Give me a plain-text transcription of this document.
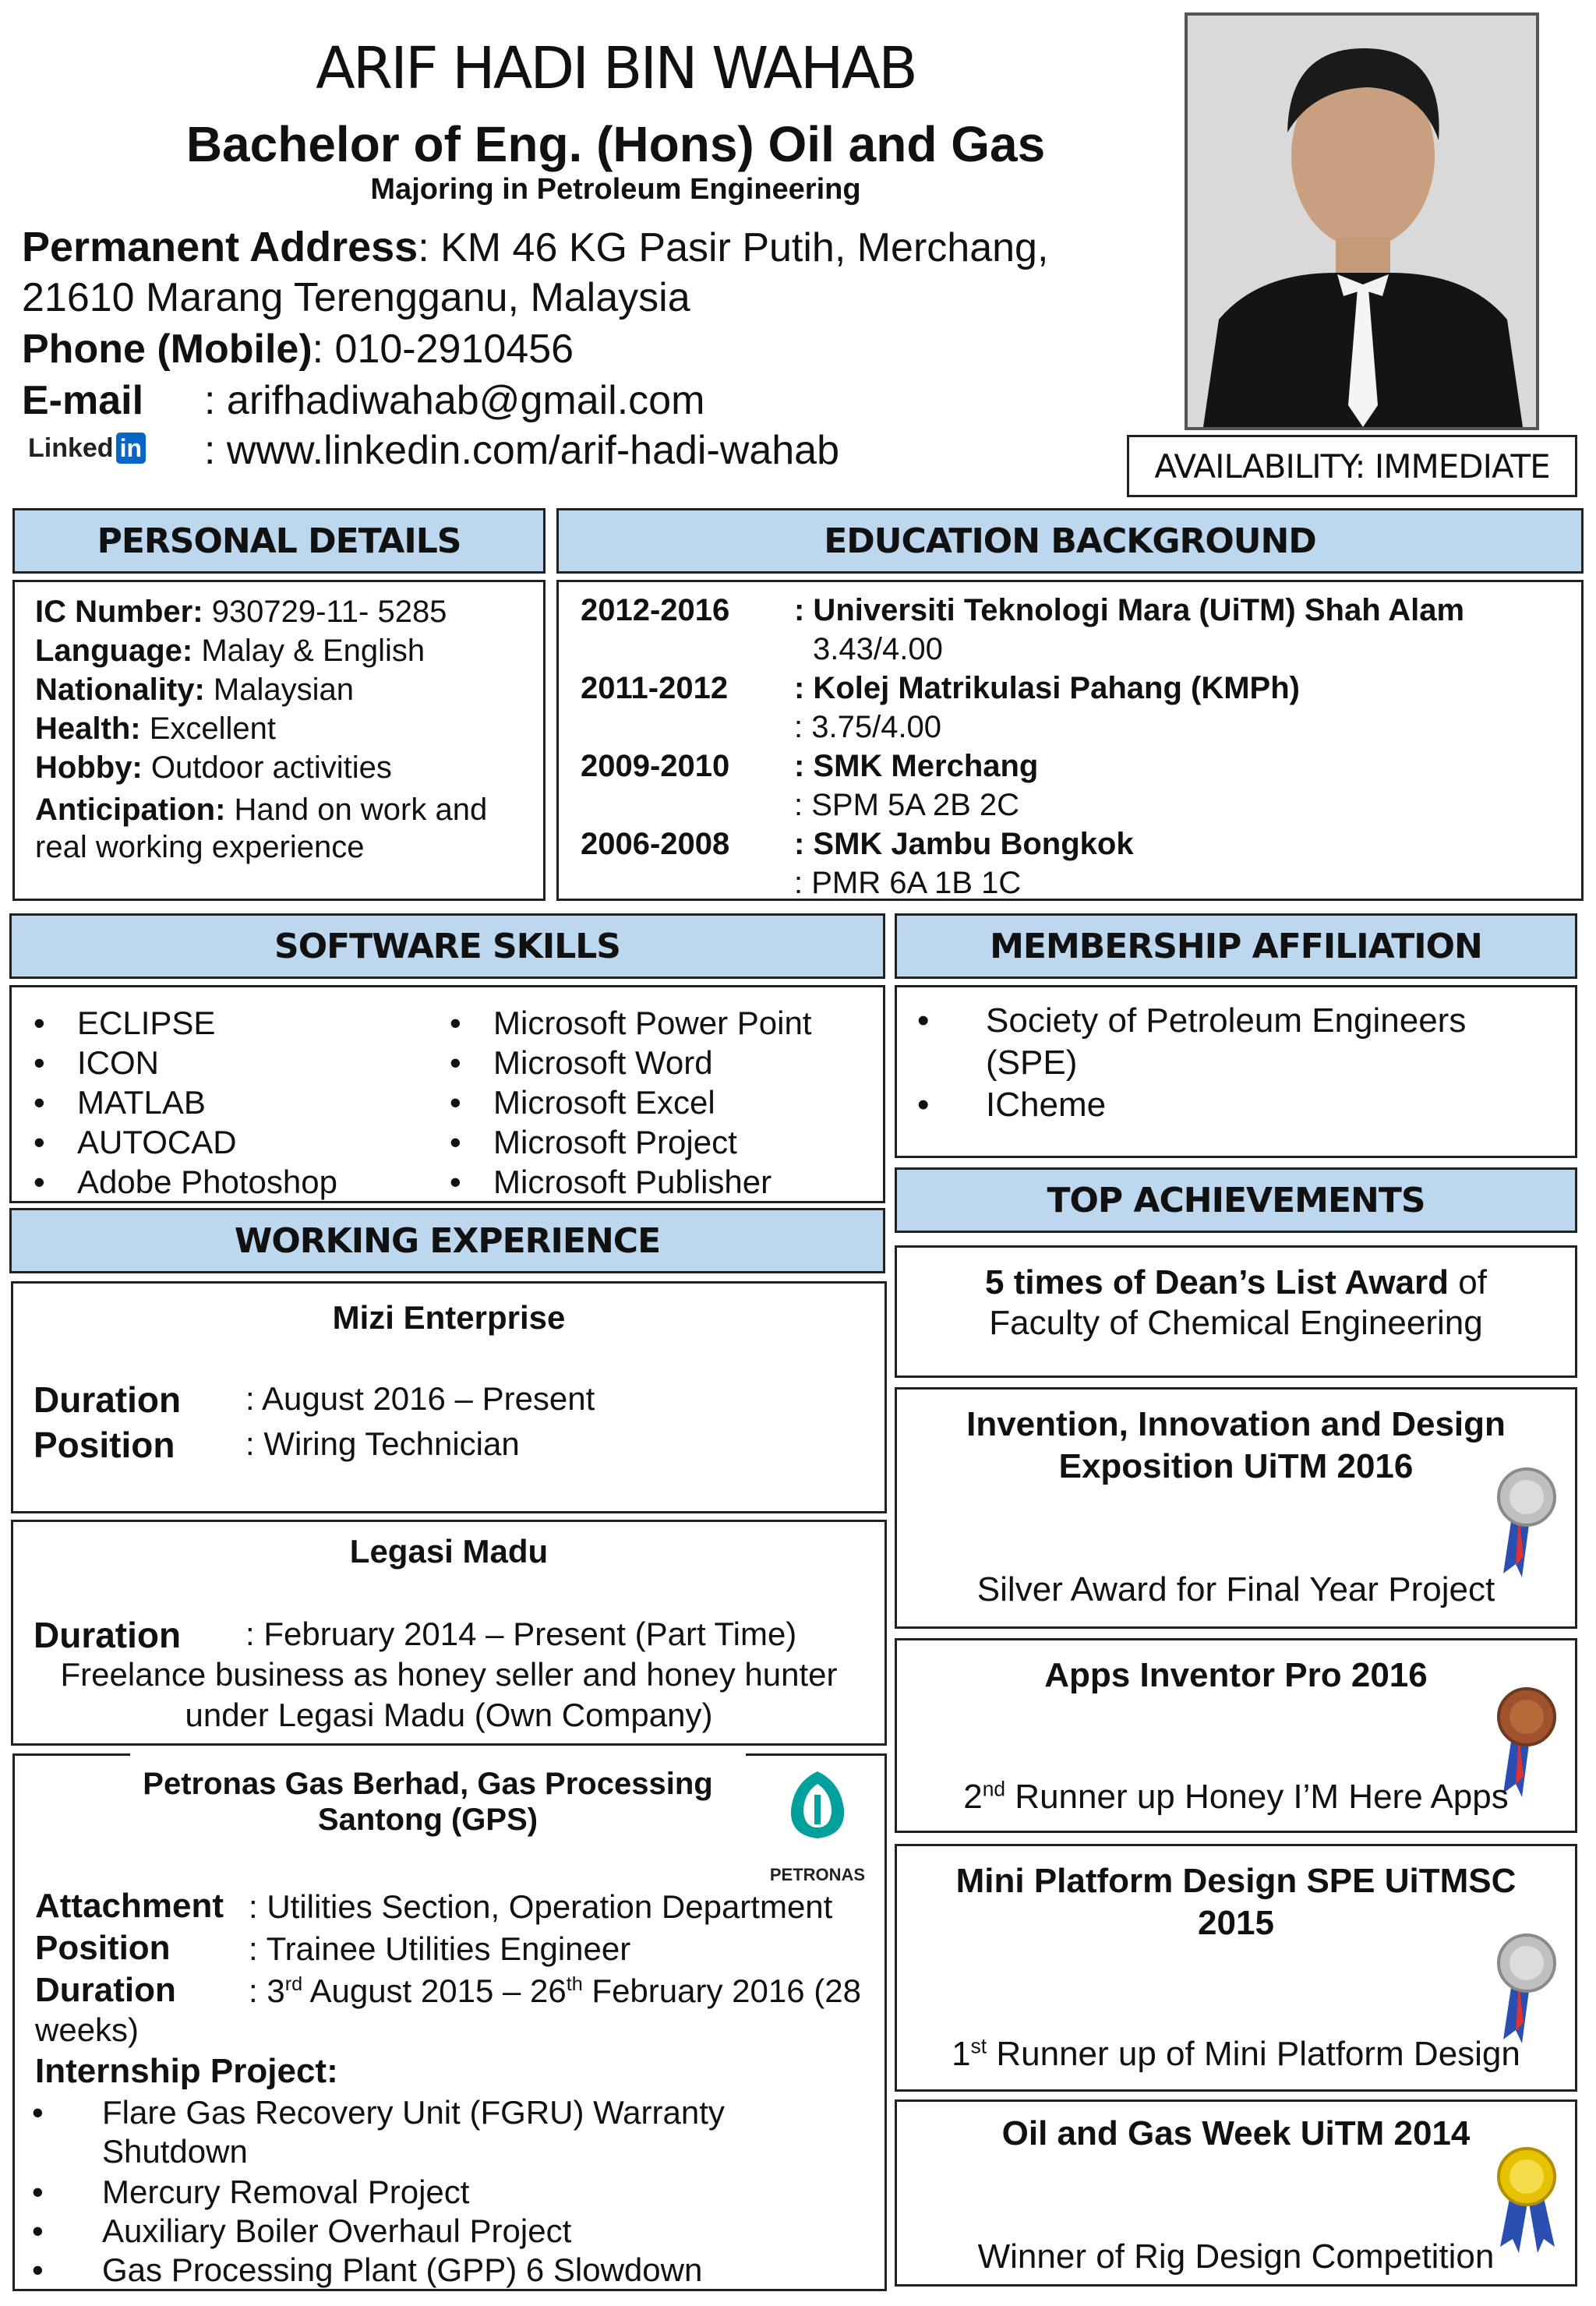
ARIF HADI BIN WAHAB
Bachelor of Eng. (Hons) Oil and Gas
Majoring in Petroleum Engineering
Permanent Address: KM 46 KG Pasir Putih, Merchang,
21610 Marang Terengganu, Malaysia
Phone (Mobile): 010-2910456
E-mail : arifhadiwahab@gmail.com
Linked in : www.linkedin.com/arif-hadi-wahab	AVAILABILITY: IMMEDIATE
PERSONAL DETAILS
IC Number: 930729-11- 5285
Language: Malay & English
Nationality: Malaysian
Health: Excellent
Hobby: Outdoor activities
Anticipation: Hand on work and
real working experience
EDUCATION BACKGROUND
2012-2016 : Universiti Teknologi Mara (UiTM) Shah Alam
3.43/4.00
2011-2012 : Kolej Matrikulasi Pahang (KMPh)
: 3.75/4.00
2009-2010 : SMK Merchang
: SPM 5A 2B 2C
2006-2008 : SMK Jambu Bongkok
: PMR 6A 1B 1C
SOFTWARE SKILLS
• ECLIPSE
• ICON
• MATLAB
• AUTOCAD
• Adobe Photoshop
• Microsoft Power Point
• Microsoft Word
• Microsoft Excel
• Microsoft Project
• Microsoft Publisher
MEMBERSHIP AFFILIATION
• Society of Petroleum Engineers
(SPE)
• ICheme
TOP ACHIEVEMENTS
5 times of Dean’s List Award of
Faculty of Chemical Engineering
Invention, Innovation and Design
Exposition UiTM 2016
Silver Award for Final Year Project
Apps Inventor Pro 2016
2nd Runner up Honey I’M Here Apps
Mini Platform Design SPE UiTMSC
2015
1st Runner up of Mini Platform Design
Oil and Gas Week UiTM 2014
Winner of Rig Design Competition
WORKING EXPERIENCE
Mizi Enterprise
Duration : August 2016 – Present
Position : Wiring Technician
Legasi Madu
Duration : February 2014 – Present (Part Time)
Freelance business as honey seller and honey hunter
under Legasi Madu (Own Company)
Petronas Gas Berhad, Gas Processing
Santong (GPS)
PETRONAS
Attachment : Utilities Section, Operation Department
Position : Trainee Utilities Engineer
Duration : 3rd August 2015 – 26th February 2016 (28
weeks)
Internship Project:
• Flare Gas Recovery Unit (FGRU) Warranty
Shutdown
• Mercury Removal Project
• Auxiliary Boiler Overhaul Project
• Gas Processing Plant (GPP) 6 Slowdown
